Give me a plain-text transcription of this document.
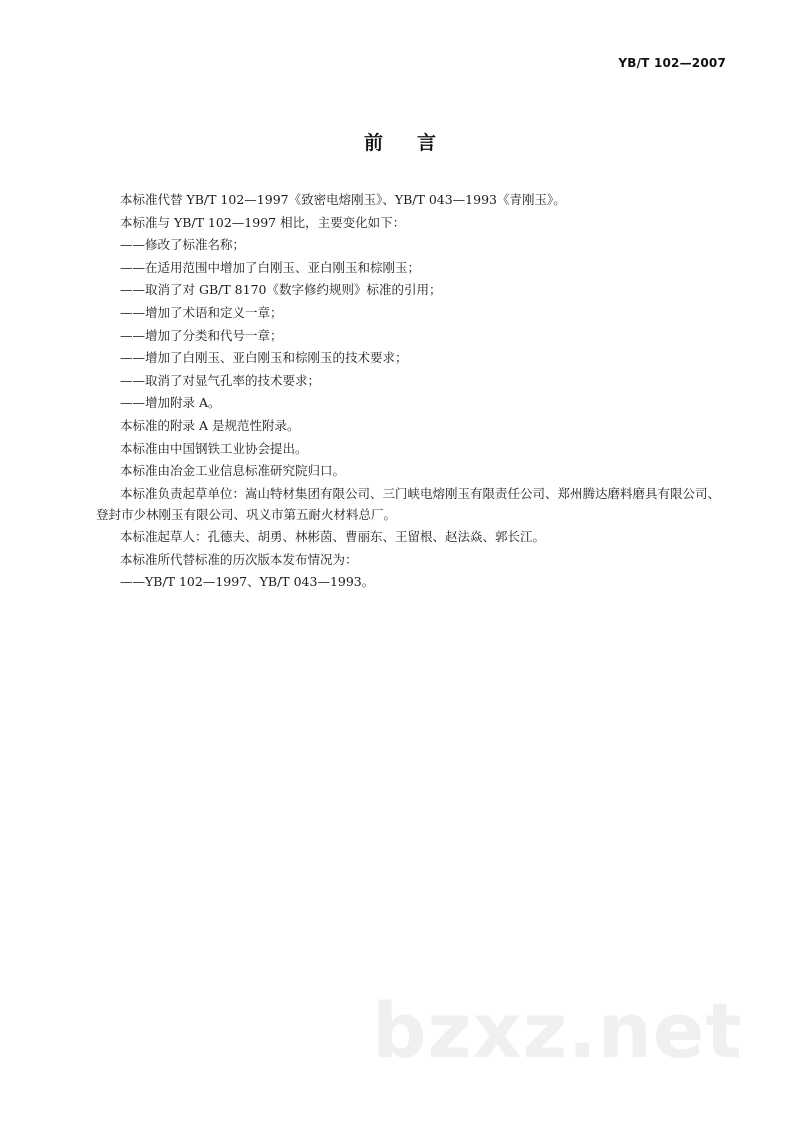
YB/T 102—2007
前言

本标准代替 YB/T 102—1997《致密电熔刚玉》、YB/T 043—1993《青刚玉》。

本标准与 YB/T 102—1997 相比，主要变化如下：

——修改了标准名称；

——在适用范围中增加了白刚玉、亚白刚玉和棕刚玉；

——取消了对 GB/T 8170《数字修约规则》标准的引用；

——增加了术语和定义一章；

——增加了分类和代号一章；

——增加了白刚玉、亚白刚玉和棕刚玉的技术要求；

——取消了对显气孔率的技术要求；

——增加附录 A。

本标准的附录 A 是规范性附录。

本标准由中国钢铁工业协会提出。

本标准由冶金工业信息标准研究院归口。

本标准负责起草单位：嵩山特材集团有限公司、三门峡电熔刚玉有限责任公司、郑州腾达磨料磨具有限公司、登封市少林刚玉有限公司、巩义市第五耐火材料总厂。

本标准起草人：孔德夫、胡勇、林彬茵、曹丽东、王留根、赵法焱、郭长江。

本标准所代替标准的历次版本发布情况为：

——YB/T 102—1997、YB/T 043—1993。

bzxz.net
